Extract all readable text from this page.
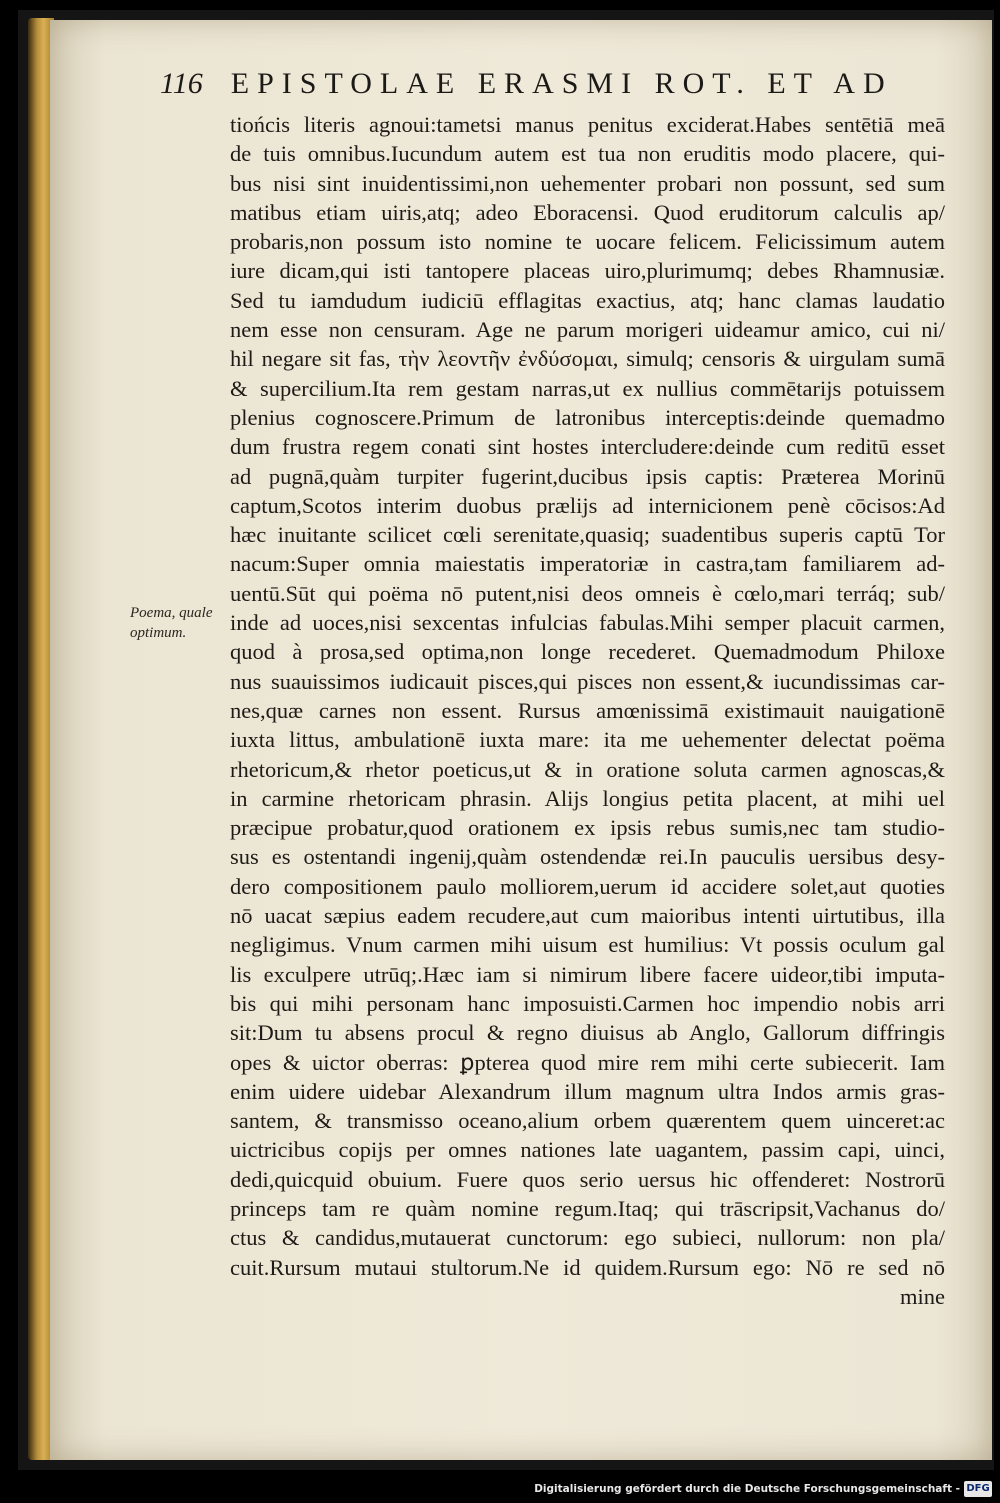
116 EPISTOLAE ERASMI ROT. ET AD
Poema, quale
optimum.
tiońcis literis agnoui:tametsi manus penitus exciderat.Habes sentētiā meā
de tuis omnibus.Iucundum autem est tua non eruditis modo placere, qui-
bus nisi sint inuidentissimi,non uehementer probari non possunt, sed sum
matibus etiam uiris,atq; adeo Eboracensi. Quod eruditorum calculis ap/
probaris,non possum isto nomine te uocare felicem. Felicissimum autem
iure dicam,qui isti tantopere placeas uiro,plurimumq; debes Rhamnusiæ.
Sed tu iamdudum iudiciū efflagitas exactius, atq; hanc clamas laudatio
nem esse non censuram. Age ne parum morigeri uideamur amico, cui ni/
hil negare sit fas, τὴν λεοντῆν ἐνδύσομαι, simulq; censoris & uirgulam sumā
& supercilium.Ita rem gestam narras,ut ex nullius commētarijs potuissem
plenius cognoscere.Primum de latronibus interceptis:deinde quemadmo
dum frustra regem conati sint hostes intercludere:deinde cum reditū esset
ad pugnā,quàm turpiter fugerint,ducibus ipsis captis: Præterea Morinū
captum,Scotos interim duobus prælijs ad internicionem penè cōcisos:Ad
hæc inuitante scilicet cœli serenitate,quasiq; suadentibus superis captū Tor
nacum:Super omnia maiestatis imperatoriæ in castra,tam familiarem ad-
uentū.Sūt qui poëma nō putent,nisi deos omneis è cœlo,mari terráq; sub/
inde ad uoces,nisi sexcentas infulcias fabulas.Mihi semper placuit carmen,
quod à prosa,sed optima,non longe recederet. Quemadmodum Philoxe
nus suauissimos iudicauit pisces,qui pisces non essent,& iucundissimas car-
nes,quæ carnes non essent. Rursus amœnissimā existimauit nauigationē
iuxta littus, ambulationē iuxta mare: ita me uehementer delectat poëma
rhetoricum,& rhetor poeticus,ut & in oratione soluta carmen agnoscas,&
in carmine rhetoricam phrasin. Alijs longius petita placent, at mihi uel
præcipue probatur,quod orationem ex ipsis rebus sumis,nec tam studio-
sus es ostentandi ingenij,quàm ostendendæ rei.In pauculis uersibus desy-
dero compositionem paulo molliorem,uerum id accidere solet,aut quoties
nō uacat sæpius eadem recudere,aut cum maioribus intenti uirtutibus, illa
negligimus. Vnum carmen mihi uisum est humilius: Vt possis oculum gal
lis exculpere utrūq;.Hæc iam si nimirum libere facere uideor,tibi imputa-
bis qui mihi personam hanc imposuisti.Carmen hoc impendio nobis arri
sit:Dum tu absens procul & regno diuisus ab Anglo, Gallorum diffringis
opes & uictor oberras: ꝑpterea quod mire rem mihi certe subiecerit. Iam
enim uidere uidebar Alexandrum illum magnum ultra Indos armis gras-
santem, & transmisso oceano,alium orbem quærentem quem uinceret:ac
uictricibus copijs per omnes nationes late uagantem, passim capi, uinci,
dedi,quicquid obuium. Fuere quos serio uersus hic offenderet: Nostrorū
princeps tam re quàm nomine regum.Itaq; qui trāscripsit,Vachanus do/
ctus & candidus,mutauerat cunctorum: ego subieci, nullorum: non pla/
cuit.Rursum mutaui stultorum.Ne id quidem.Rursum ego: Nō re sed nō
mine
Digitalisierung gefördert durch die Deutsche Forschungsgemeinschaft - DFG
